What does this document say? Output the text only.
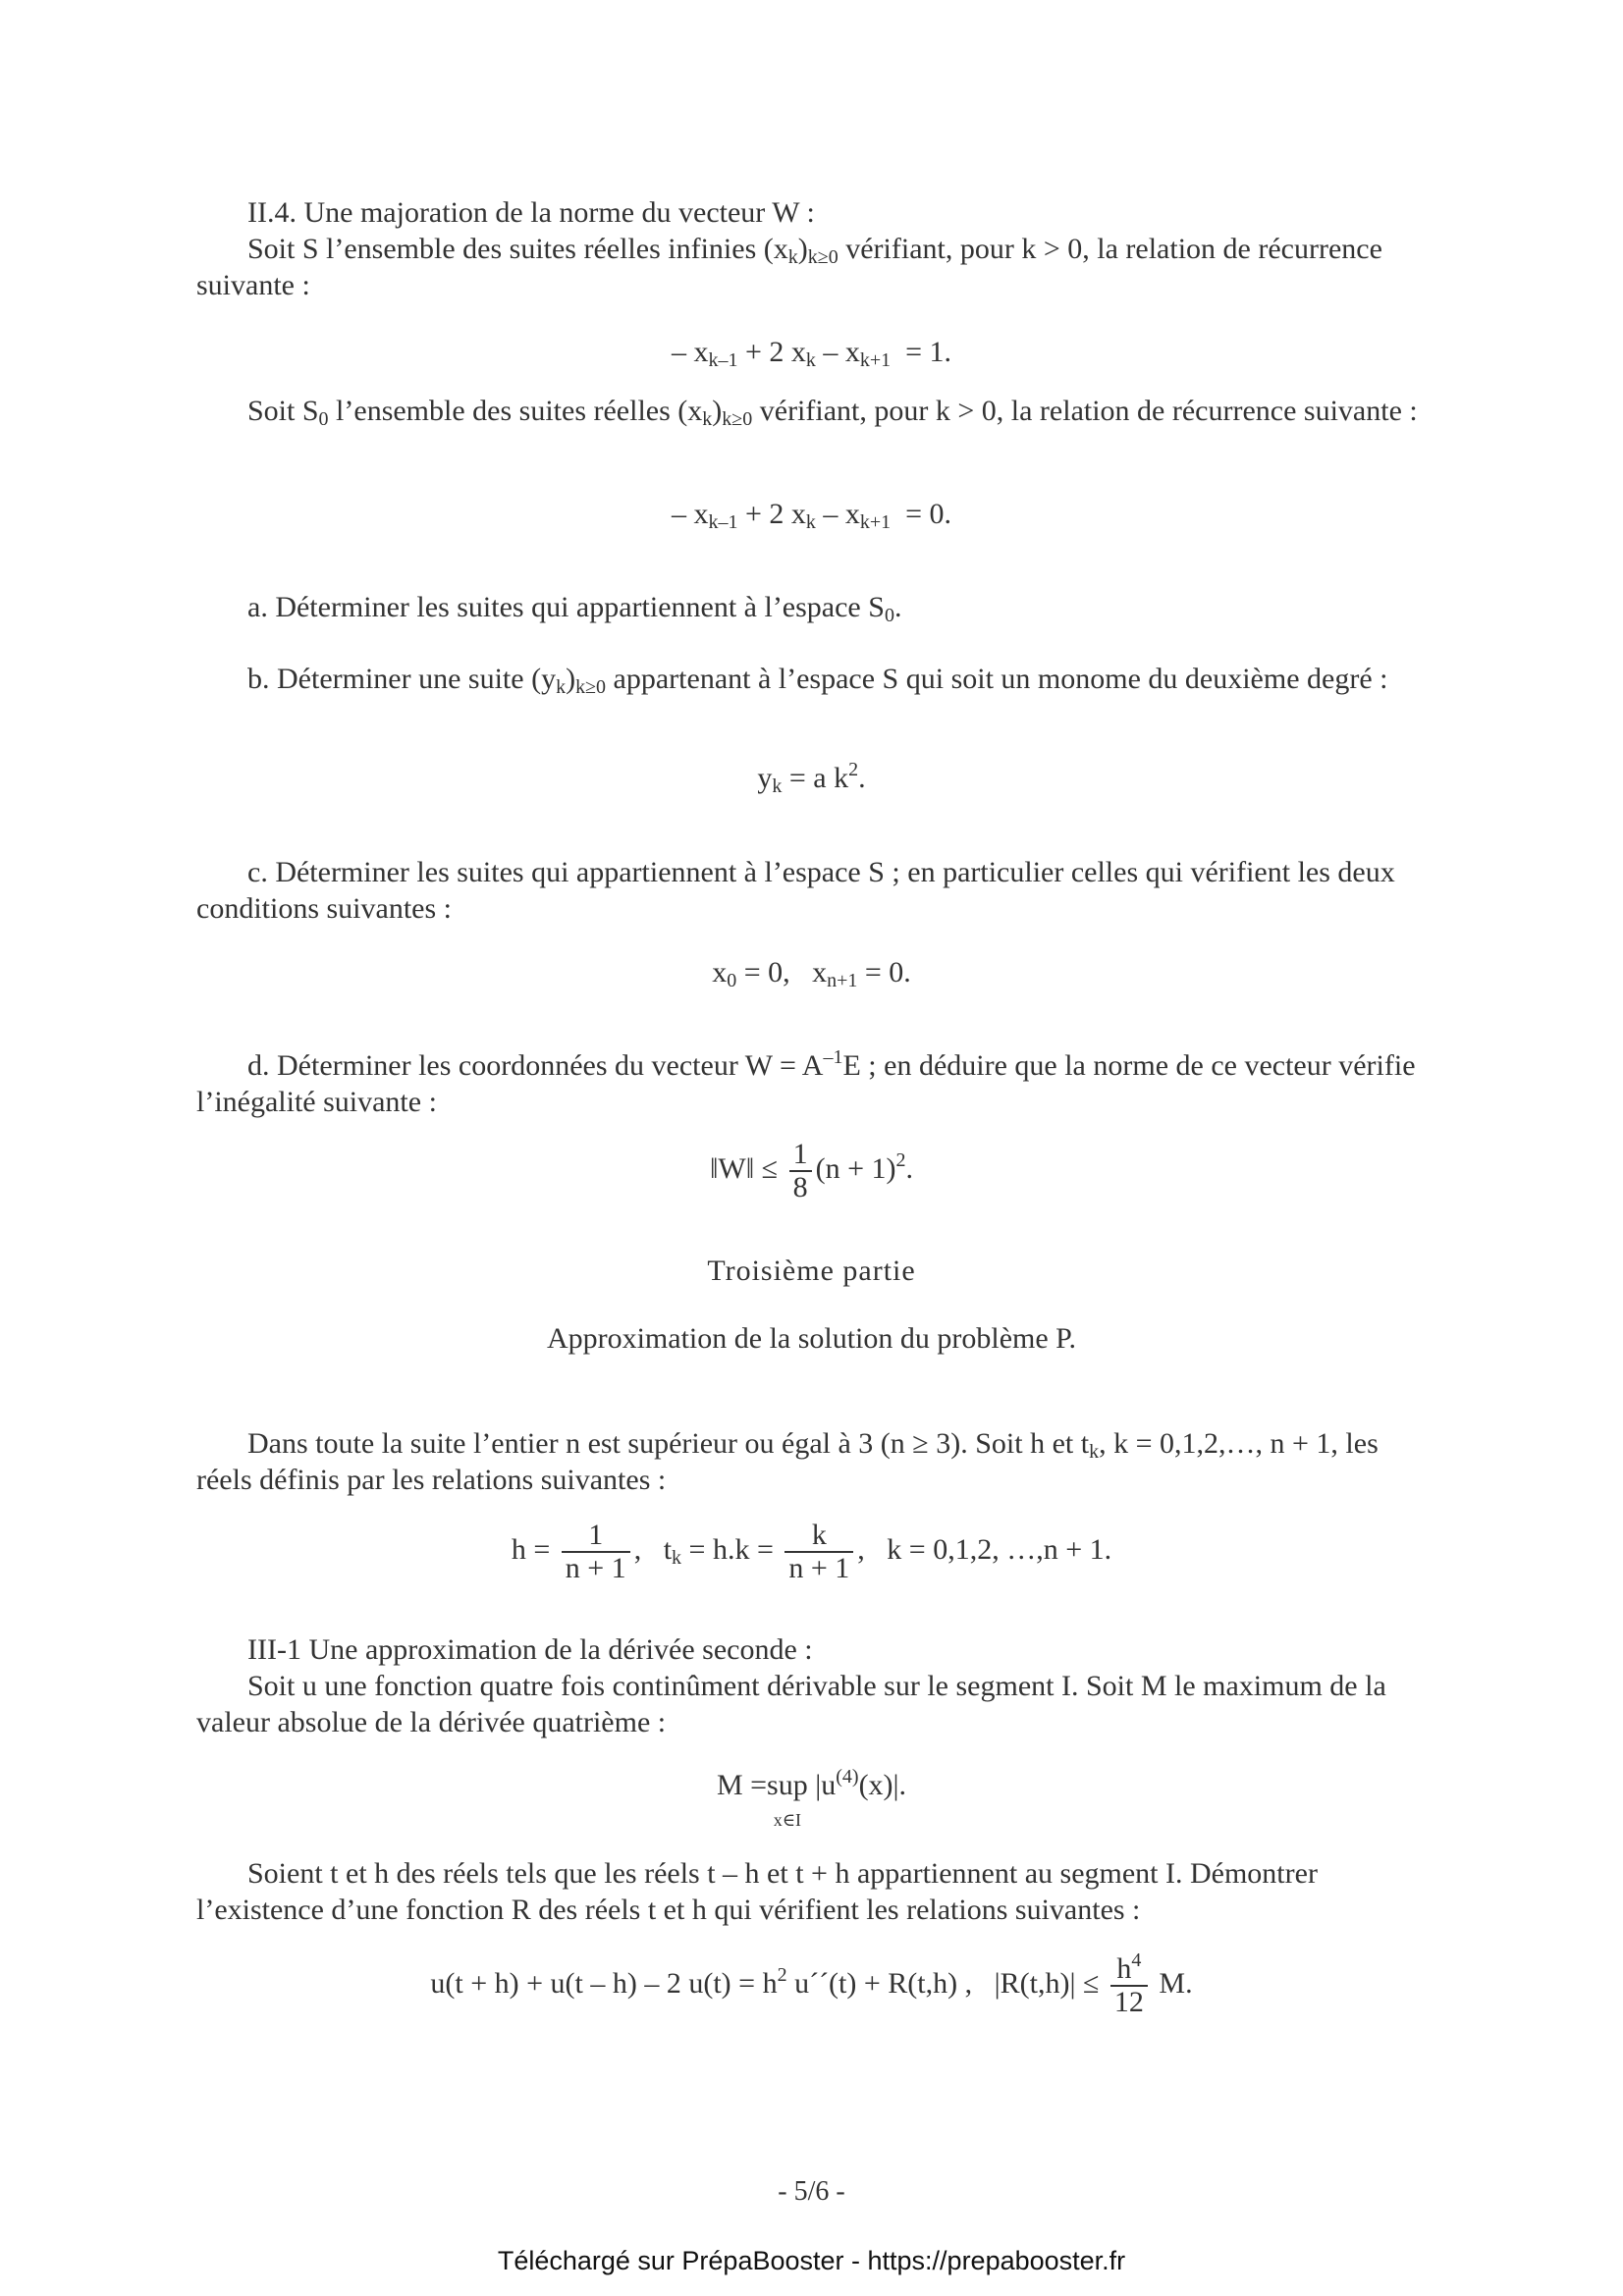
II.4. Une majoration de la norme du vecteur W :
Soit S l’ensemble des suites réelles infinies $(x_k)_{k\ge 0}$ vérifiant, pour k > 0, la relation de récurrence suivante :
– $x_{k-1} + 2$ $x_k - x_{k+1} = 1$.
Soit $S_0$ l’ensemble des suites réelles $(x_k)_{k\ge 0}$ vérifiant, pour k > 0, la relation de récurrence suivante :
– $x_{k-1} + 2$ $x_k - x_{k+1} = 0$.
a. Déterminer les suites qui appartiennent à l’espace $S_0$.
b. Déterminer une suite $(y_k)_{k\ge 0}$ appartenant à l’espace S qui soit un monome du deuxième degré :
$y_k = a$ $k^2$.
c. Déterminer les suites qui appartiennent à l’espace S ; en particulier celles qui vérifient les deux conditions suivantes :
$x_0 = 0$,   $x_{n+1} = 0$.
d. Déterminer les coordonnées du vecteur $W = A^{-1}E$ ; en déduire que la norme de ce vecteur vérifie l’inégalité suivante :
‖W‖ ≤ $\frac{1}{8} (n + 1)^2$.
Troisième partie
Approximation de la solution du problème P.
Dans toute la suite l’entier n est supérieur ou égal à 3 (n ≥ 3). Soit h et $t_k$, k = 0,1,2,…, n + 1, les réels définis par les relations suivantes :
$h = \frac{1}{n + 1}$ ,   $t_k = h.k = \frac{k}{n + 1}$ ,   k = 0,1,2, …,n + 1.
III-1 Une approximation de la dérivée seconde :
Soit u une fonction quatre fois continûment dérivable sur le segment I. Soit M le maximum de la valeur absolue de la dérivée quatrième :
M =sup
x∈I
$|u^{(4)}(x)|$.
Soient t et h des réels tels que les réels t – h et t + h appartiennent au segment I. Démontrer l’existence d’une fonction R des réels t et h qui vérifient les relations suivantes :
u(t + h) + u(t – h) – 2 $u(t) = h^2$ u´´(t) + R(t,h) ,   $|R(t,h)| \le \frac{h^4}{12} M$.
- 5/6 -
Téléchargé sur PrépaBooster - https://prepabooster.fr
